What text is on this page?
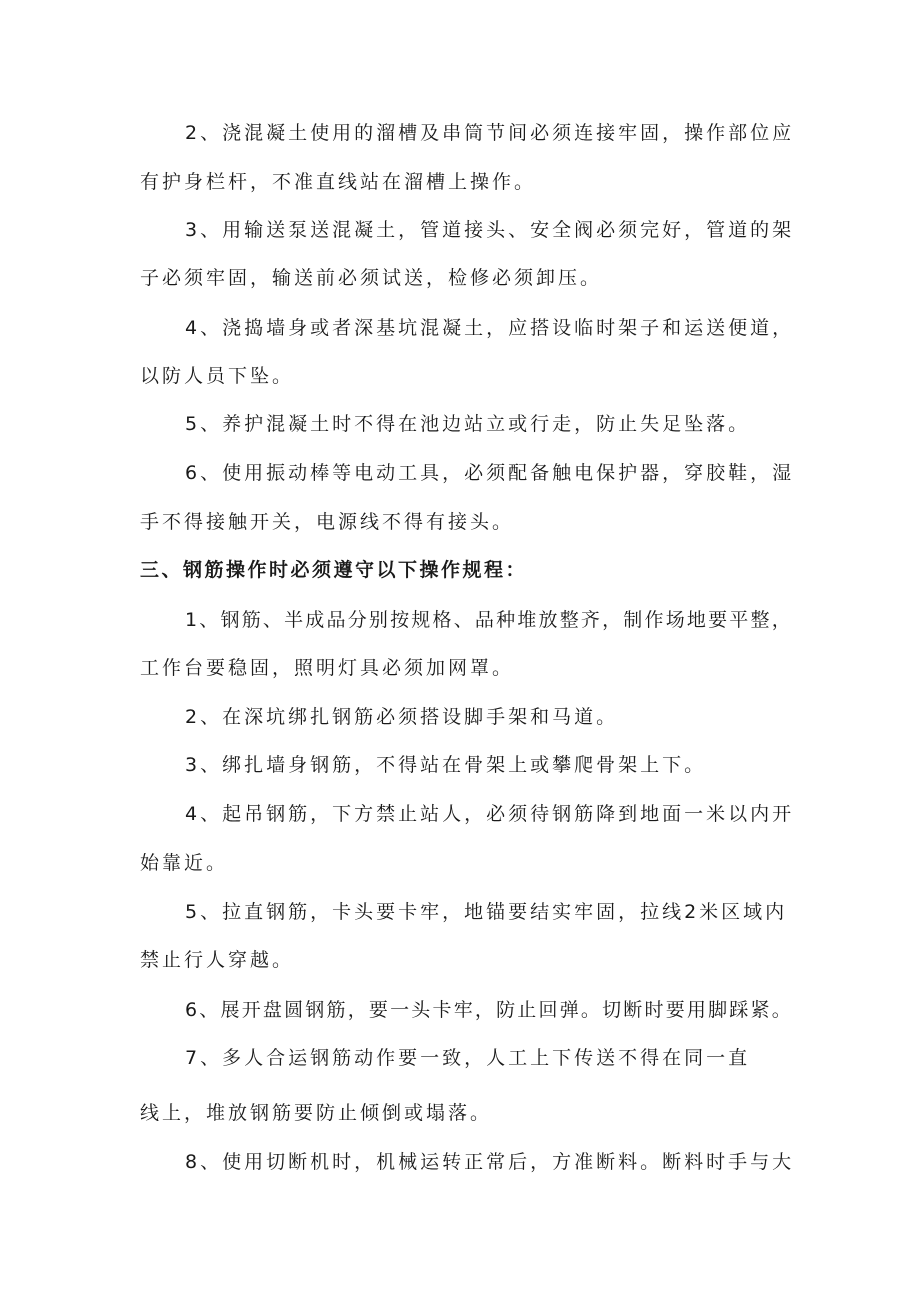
2、浇混凝土使用的溜槽及串筒节间必须连接牢固，操作部位应
有护身栏杆，不准直线站在溜槽上操作。
3、用输送泵送混凝土，管道接头、安全阀必须完好，管道的架
子必须牢固，输送前必须试送，检修必须卸压。
4、浇捣墙身或者深基坑混凝土，应搭设临时架子和运送便道，
以防人员下坠。
5、养护混凝土时不得在池边站立或行走，防止失足坠落。
6、使用振动棒等电动工具，必须配备触电保护器，穿胶鞋，湿
手不得接触开关，电源线不得有接头。
三、钢筋操作时必须遵守以下操作规程：
1、钢筋、半成品分别按规格、品种堆放整齐，制作场地要平整，
工作台要稳固，照明灯具必须加网罩。
2、在深坑绑扎钢筋必须搭设脚手架和马道。
3、绑扎墙身钢筋，不得站在骨架上或攀爬骨架上下。
4、起吊钢筋，下方禁止站人，必须待钢筋降到地面一米以内开
始靠近。
5、拉直钢筋，卡头要卡牢，地锚要结实牢固，拉线2米区域内
禁止行人穿越。
6、展开盘圆钢筋，要一头卡牢，防止回弹。切断时要用脚踩紧。
7、多人合运钢筋动作要一致，人工上下传送不得在同一直
线上，堆放钢筋要防止倾倒或塌落。
8、使用切断机时，机械运转正常后，方准断料。断料时手与大
